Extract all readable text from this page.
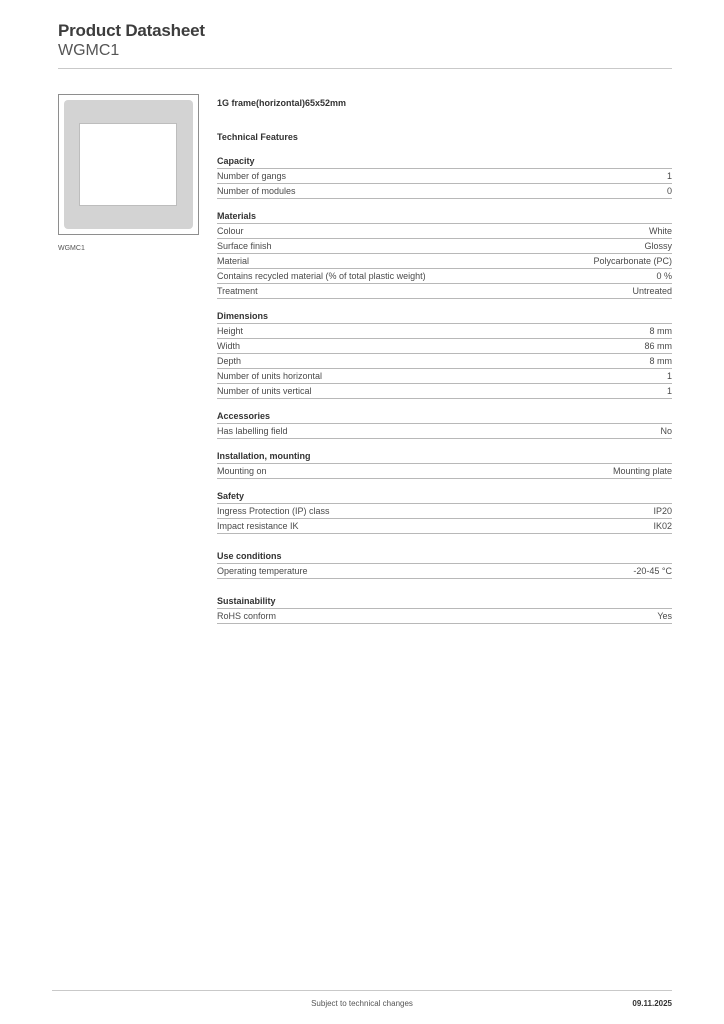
Product Datasheet
WGMC1
WGMC1
1G frame(horizontal)65x52mm
Technical Features
Capacity
Number of gangs	1
Number of modules	0
Materials
Colour	White
Surface finish	Glossy
Material	Polycarbonate (PC)
Contains recycled material (% of total plastic weight)	0 %
Treatment	Untreated
Dimensions
Height	8 mm
Width	86 mm
Depth	8 mm
Number of units horizontal	1
Number of units vertical	1
Accessories
Has labelling field	No
Installation, mounting
Mounting on	Mounting plate
Safety
Ingress Protection (IP) class	IP20
Impact resistance IK	IK02
Use conditions
Operating temperature	-20-45 °C
Sustainability
RoHS conform	Yes
Subject to technical changes	09.11.2025
